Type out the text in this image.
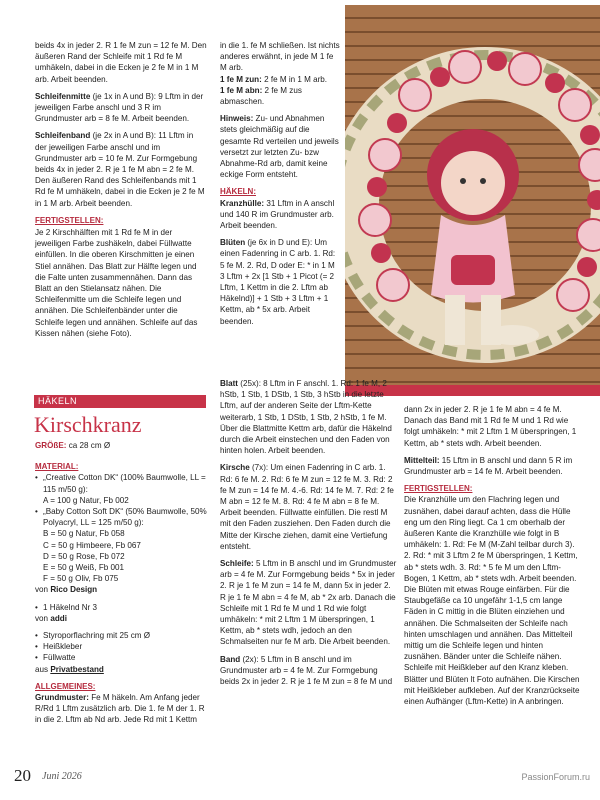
beids 4x in jeder 2. R 1 fe M zun = 12 fe M. Den äußeren Rand der Schleife mit 1 Rd fe M umhäkeln, dabei in die Ecken je 2 fe M in 1 M arb. Arbeit beenden.

Schleifenmitte (je 1x in A und B): 9 Lftm in der jeweiligen Farbe anschl und 3 R im Grundmuster arb = 8 fe M. Arbeit beenden.

Schleifenband (je 2x in A und B): 11 Lftm in der jeweiligen Farbe anschl und im Grundmuster arb = 10 fe M. Zur Formgebung beids 4x in jeder 2. R je 1 fe M abn = 2 fe M. Den äußeren Rand des Schleifenbands mit 1 Rd fe M umhäkeln, dabei in die Ecken je 2 fe M in 1 M arb. Arbeit beenden.

FERTIGSTELLEN:

Je 2 Kirschhälften mit 1 Rd fe M in der jeweiligen Farbe zushäkeln, dabei Füllwatte einfüllen. In die oberen Kirschmitten je einen Stiel annähen. Das Blatt zur Hälfte legen und die Falte unten zusammennähen. Dann das Blatt an den Stielansatz nähen. Die Schleifenmitte um die Schleife legen und annähen. Die Schleifenbänder unter die Schleife legen und annähen. Schleife auf das Kissen nähen (siehe Foto).

HÄKELN
Kirschkranz

GRÖßE: ca 28 cm Ø

MATERIAL:
• „Creative Cotton DK“ (100% Baumwolle, LL = 115 m/50 g):
A = 100 g Natur, Fb 002
• „Baby Cotton Soft DK“ (50% Baumwolle, 50% Polyacryl, LL = 125 m/50 g):
B = 50 g Natur, Fb 058
C = 50 g Himbeere, Fb 067
D = 50 g Rose, Fb 072
E = 50 g Weiß, Fb 001
F = 50 g Oliv, Fb 075
von Rico Design
• 1 Häkelnd Nr 3
von addi
• Styroporflachring mit 25 cm Ø
• Heißkleber
• Füllwatte
aus Privatbestand
ALLGEMEINES:

Grundmuster: Fe M häkeln. Am Anfang jeder R/Rd 1 Lftm zusätzlich arb. Die 1. fe M der 1. R in die 2. Lftm ab Nd arb. Jede Rd mit 1 Kettm

in die 1. fe M schließen. Ist nichts anderes erwähnt, in jede M 1 fe M arb.

1 fe M zun: 2 fe M in 1 M arb.

1 fe M abn: 2 fe M zus abmaschen.

Hinweis: Zu- und Abnahmen stets gleichmäßig auf die gesamte Rd verteilen und jeweils versetzt zur letzten Zu- bzw Abnahme-Rd arb, damit keine eckige Form entsteht.

HÄKELN:

Kranzhülle: 31 Lftm in A anschl und 140 R im Grundmuster arb. Arbeit beenden.

Blüten (je 6x in D und E): Um einen Fadenring in C arb. 1. Rd: 5 fe M. 2. Rd, D oder E: * in 1 M 3 Lftm + 2x [1 Stb + 1 Picot (= 2 Lftm, 1 Kettm in die 2. Lftm ab Häkelnd)] + 1 Stb + 3 Lftm + 1 Kettm, ab * 5x arb. Arbeit beenden.

Blatt (25x): 8 Lftm in F anschl. 1. Rd: 1 fe M, 2 hStb, 1 Stb, 1 DStb, 1 Stb, 3 hStb in die letzte Lftm, auf der anderen Seite der Lftm-Kette weiterarb, 1 Stb, 1 DStb, 1 Stb, 2 hStb, 1 fe M. Über die Blattmitte Kettm arb, dafür die Häkelnd durch die Arbeit einstechen und den Faden von hinten holen. Arbeit beenden.

Kirsche (7x): Um einen Fadenring in C arb. 1. Rd: 6 fe M. 2. Rd: 6 fe M zun = 12 fe M. 3. Rd: 2 fe M zun = 14 fe M. 4.-6. Rd: 14 fe M. 7. Rd: 2 fe M abn = 12 fe M. 8. Rd: 4 fe M abn = 8 fe M. Arbeit beenden. Füllwatte einfüllen. Die restl M mit den Faden zusziehen. Den Faden durch die Mitte der Kirsche ziehen, damit eine Vertiefung entsteht.

Schleife: 5 Lftm in B anschl und im Grundmuster arb = 4 fe M. Zur Formgebung beids * 5x in jeder 2. R je 1 fe M zun = 14 fe M, dann 5x in jeder 2. R je 1 fe M abn = 4 fe M, ab * 2x arb. Danach die Schleife mit 1 Rd fe M und 1 Rd wie folgt umhäkeln: * mit 2 Lftm 1 M überspringen, 1 Kettm, ab * stets wdh, jedoch an den Schmalseiten nur fe M arb. Die Arbeit beenden.

Band (2x): 5 Lftm in B anschl und im Grundmuster arb = 4 fe M. Zur Formgebung beids 2x in jeder 2. R je 1 fe M zun = 8 fe M und

dann 2x in jeder 2. R je 1 fe M abn = 4 fe M. Danach das Band mit 1 Rd fe M und 1 Rd wie folgt umhäkeln: * mit 2 Lftm 1 M überspringen, 1 Kettm, ab * stets wdh. Arbeit beenden.

Mittelteil: 15 Lftm in B anschl und dann 5 R im Grundmuster arb = 14 fe M. Arbeit beenden.

FERTIGSTELLEN:

Die Kranzhülle um den Flachring legen und zusnähen, dabei darauf achten, dass die Hülle eng um den Ring liegt. Ca 1 cm oberhalb der äußeren Kante die Kranzhülle wie folgt in B umhäkeln: 1. Rd: Fe M (M-Zahl teilbar durch 3). 2. Rd: * mit 3 Lftm 2 fe M überspringen, 1 Kettm, ab * stets wdh. 3. Rd: * 5 fe M um den Lftm-Bogen, 1 Kettm, ab * stets wdh. Arbeit beenden. Die Blüten mit etwas Rouge einfärben. Für die Staubgefäße ca 10 ungefähr 1-1,5 cm lange Fäden in C mittig in die Blüten einziehen und annähen. Die Schmalseiten der Schleife nach hinten umschlagen und annähen. Das Mittelteil mittig um die Schleife legen und hinten zusnähen. Bänder unter die Schleife nähen. Schleife mit Heißkleber auf den Kranz kleben. Blätter und Blüten lt Foto aufnähen. Die Kirschen mit Heißkleber aufkleben. Auf der Kranzrückseite einen Aufhänger (Lftm-Kette) in A anbringen.

20 Juni 2026	PassionForum.ru
